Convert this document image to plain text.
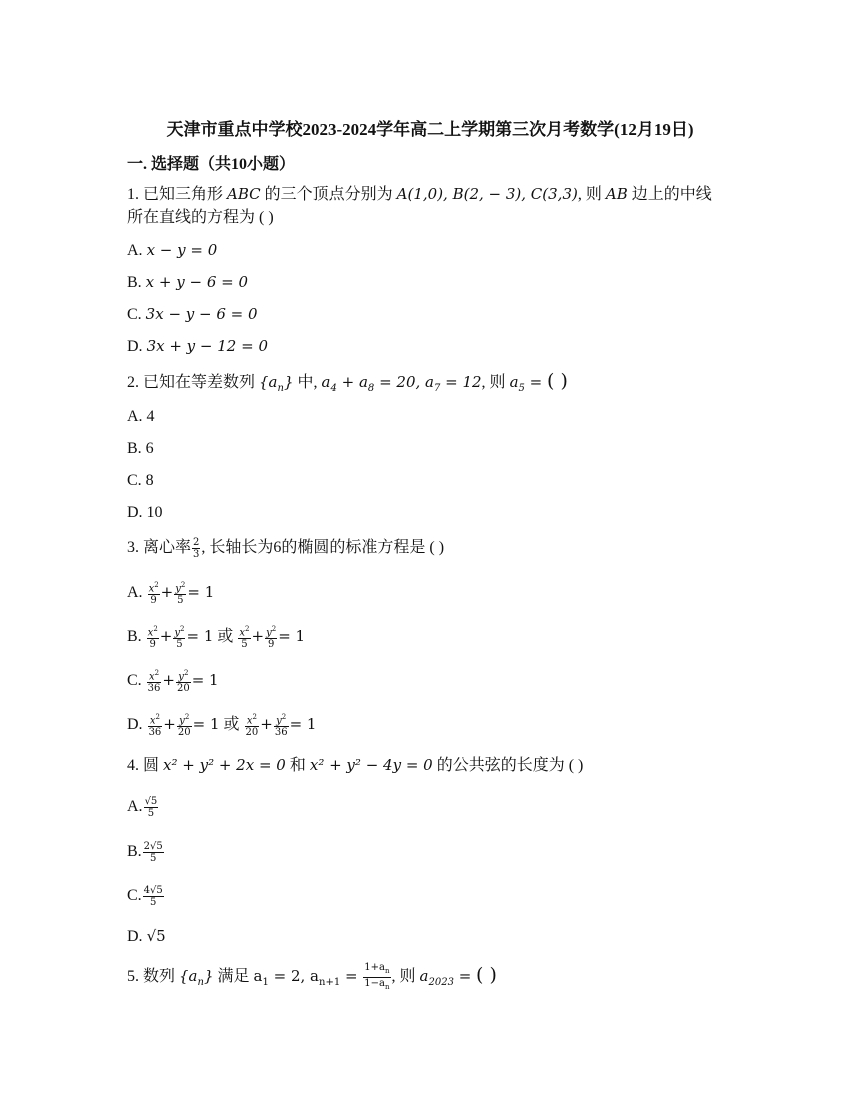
天津市重点中学校2023-2024学年高二上学期第三次月考数学(12月19日)
一. 选择题（共10小题）
1. 已知三角形 ABC 的三个顶点分别为 A(1,0), B(2, − 3), C(3,3), 则 AB 边上的中线
所在直线的方程为 ( )
A. x − y = 0
B. x + y − 6 = 0
C. 3x − y − 6 = 0
D. 3x + y − 12 = 0
2. 已知在等差数列 $\{a_n\}$ 中, $a_4 + a_8 = 20$, $a_7 = 12$, 则 $a_5$ = ( )
A. 4
B. 6
C. 8
D. 10
3. 离心率 $\frac{2}{3}$ , 长轴长为6的椭圆的标准方程是 ( )
A. $\frac{x^2}{9} + \frac{y^2}{5} = 1$
B. $\frac{x^2}{9} + \frac{y^2}{5} = 1$ 或 $\frac{x^2}{5} + \frac{y^2}{9} = 1$
C. $\frac{x^2}{36} + \frac{y^2}{20} = 1$
D. $\frac{x^2}{36} + \frac{y^2}{20} = 1$ 或 $\frac{x^2}{20} + \frac{y^2}{36} = 1$
4. 圆 x² + y² + 2x = 0 和 x² + y² − 4y = 0 的公共弦的长度为 ( )
A. $\frac{√5}{5}$
B. $\frac{2√5}{5}$
C. $\frac{4√5}{5}$
D. √5
5. 数列 $\{a_n\}$ 满足 $a_1 = 2$, $a_{n+1} = \frac{1+a_n}{1-a_n}$ , 则 $a_{2023}$ = ( )
